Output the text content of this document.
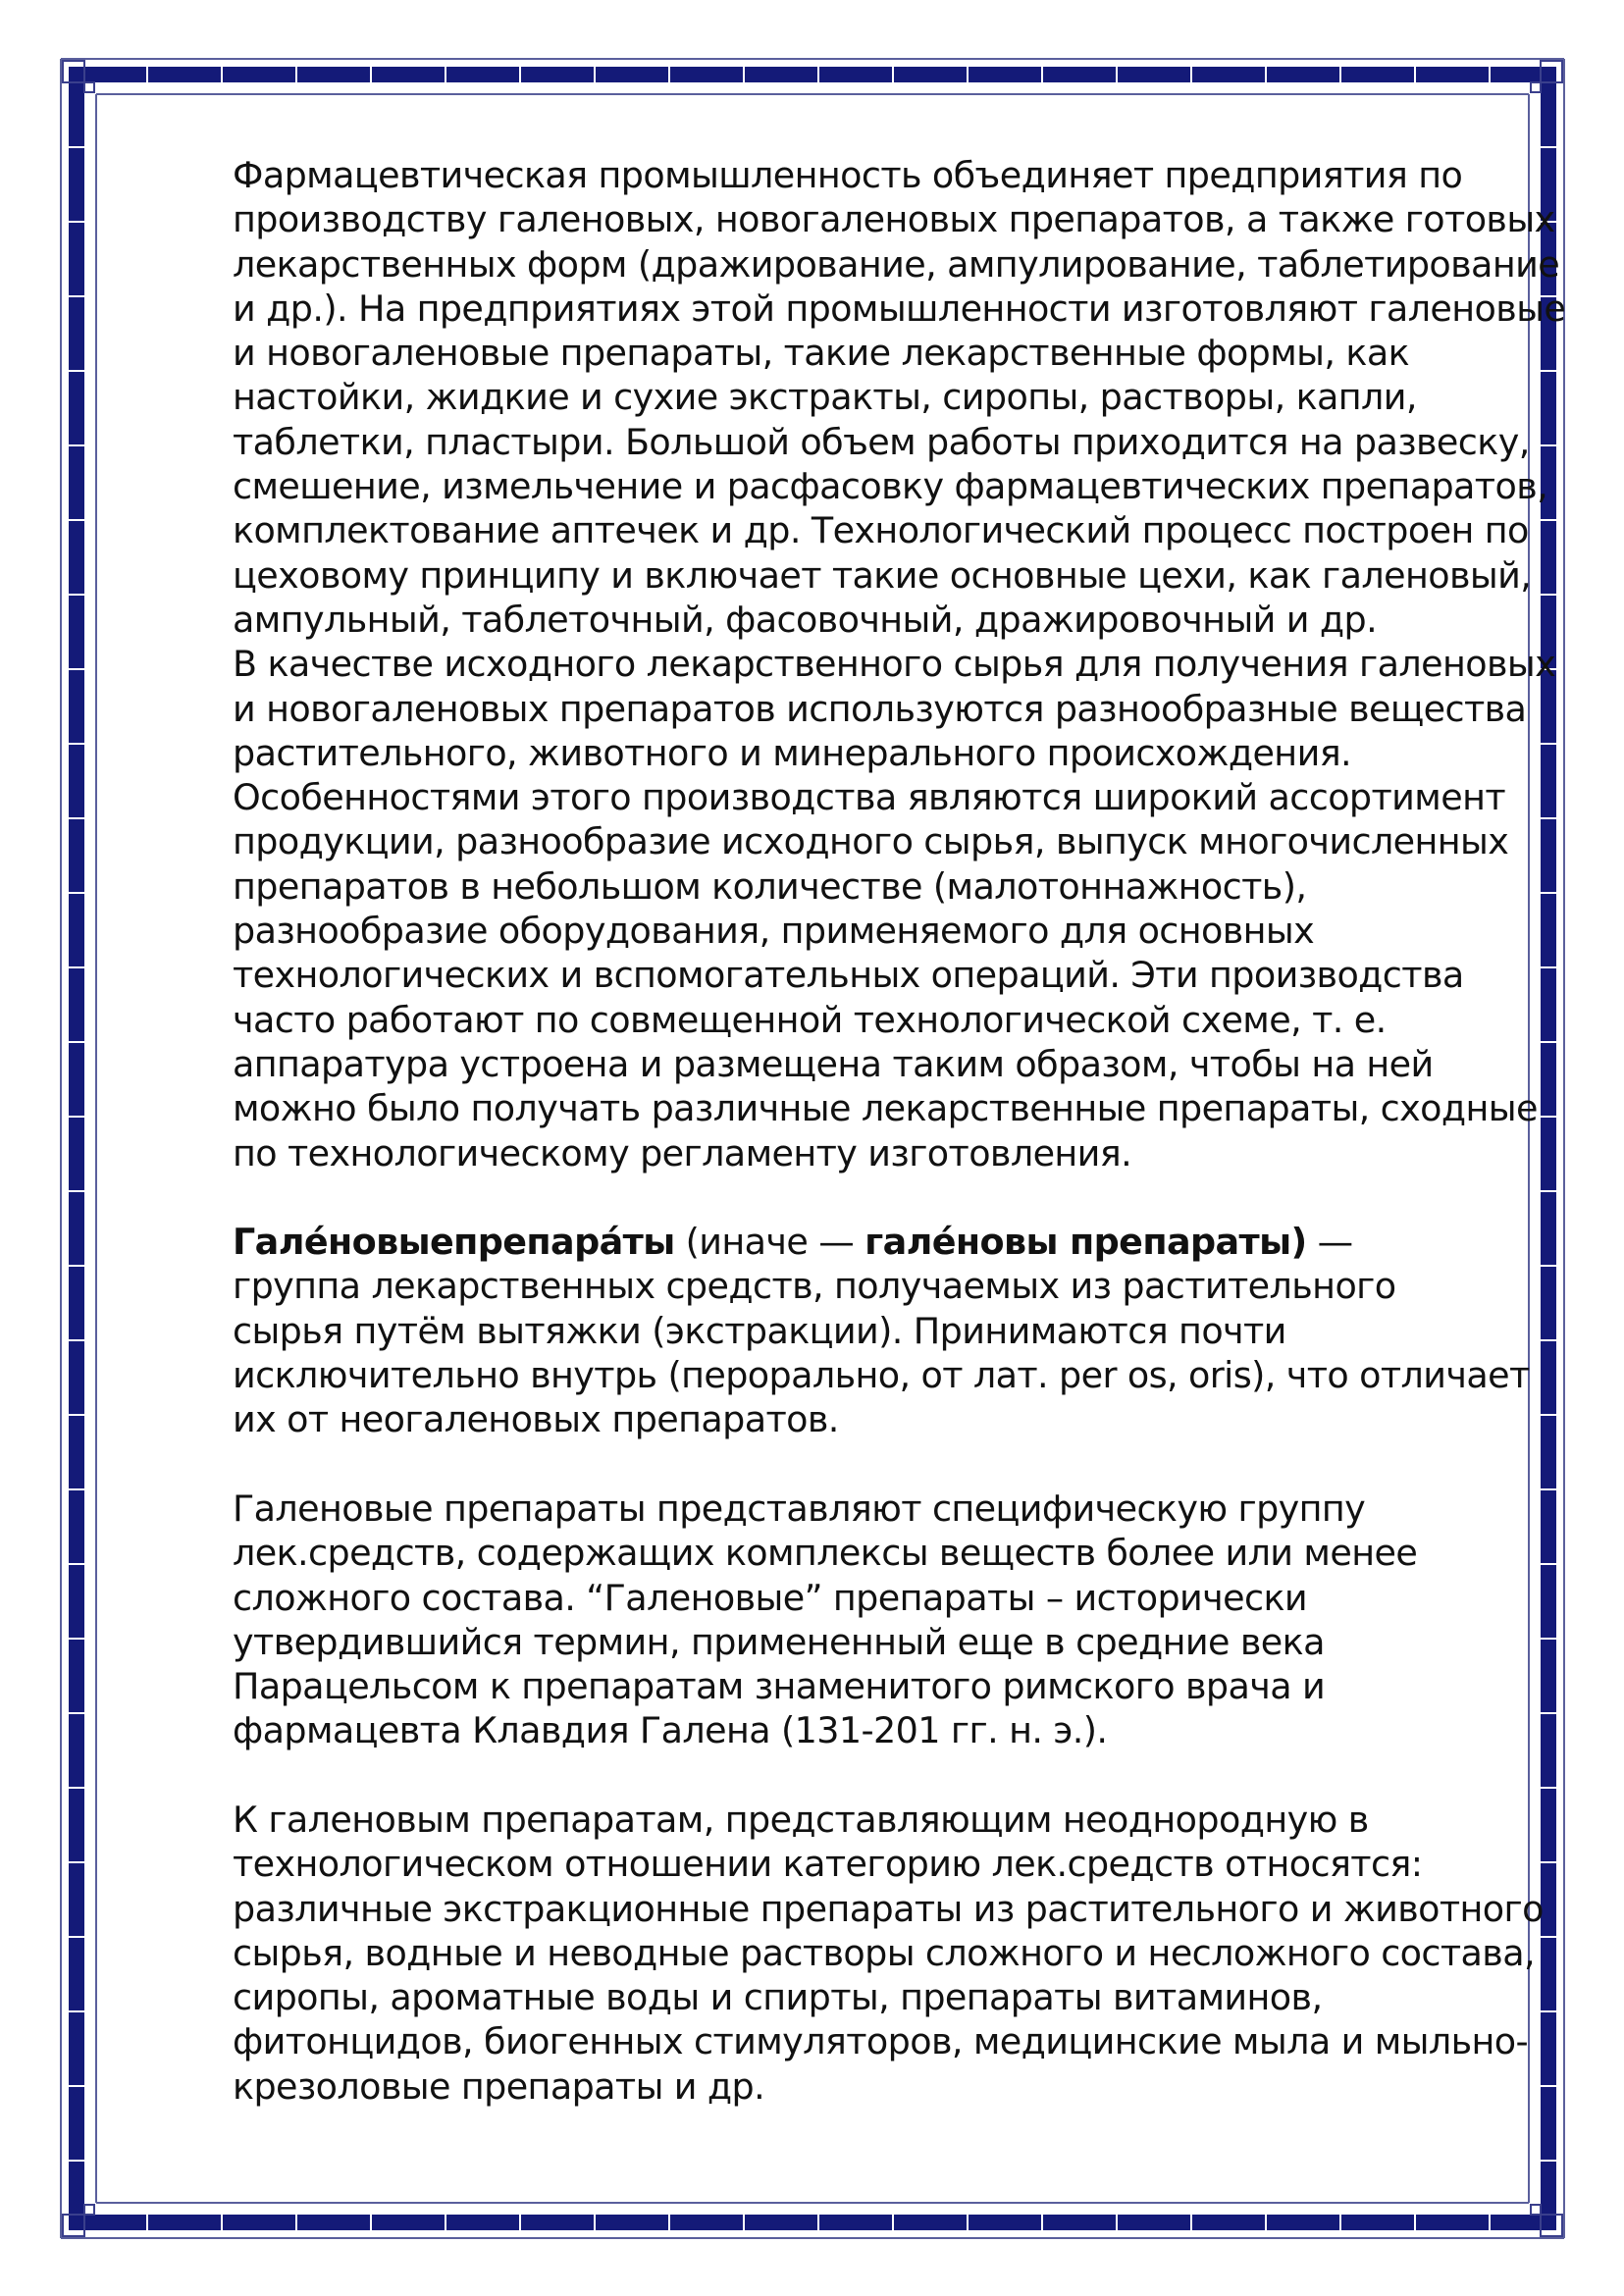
Фармацевтическая промышленность объединяет предприятия по
производству галеновых, новогаленовых препаратов, а также готовых
лекарственных форм (дражирование, ампулирование, таблетирование
и др.). На предприятиях этой промышленности изготовляют галеновые
и новогаленовые препараты, такие лекарственные формы, как
настойки, жидкие и сухие экстракты, сиропы, растворы, капли,
таблетки, пластыри. Большой объем работы приходится на развеску,
смешение, измельчение и расфасовку фармацевтических препаратов,
комплектование аптечек и др. Технологический процесс построен по
цеховому принципу и включает такие основные цехи, как галеновый,
ампульный, таблеточный, фасовочный, дражировочный и др.

В качестве исходного лекарственного сырья для получения галеновых
и новогаленовых препаратов используются разнообразные вещества
растительного, животного и минерального происхождения.
Особенностями этого производства являются широкий ассортимент
продукции, разнообразие исходного сырья, выпуск многочисленных
препаратов в небольшом количестве (малотоннажность),
разнообразие оборудования, применяемого для основных
технологических и вспомогательных операций. Эти производства
часто работают по совмещенной технологической схеме, т. е.
аппаратура устроена и размещена таким образом, чтобы на ней
можно было получать различные лекарственные препараты, сходные
по технологическому регламенту изготовления.

Гале́новыепрепара́ты (иначе — гале́новы препараты) —
группа лекарственных средств, получаемых из растительного
сырья путём вытяжки (экстракции). Принимаются почти
исключительно внутрь (перорально, от лат. per os, oris), что отличает
их от неогаленовых препаратов.

Галеновые препараты представляют специфическую группу
лек.средств, содержащих комплексы веществ более или менее
сложного состава. “Галеновые” препараты – исторически
утвердившийся термин, примененный еще в средние века
Парацельсом к препаратам знаменитого римского врача и
фармацевта Клавдия Галена (131-201 гг. н. э.).

К галеновым препаратам, представляющим неоднородную в
технологическом отношении категорию лек.средств относятся:
различные экстракционные препараты из растительного и животного
сырья, водные и неводные растворы сложного и несложного состава,
сиропы, ароматные воды и спирты, препараты витаминов,
фитонцидов, биогенных стимуляторов, медицинские мыла и мыльно-
крезоловые препараты и др.
